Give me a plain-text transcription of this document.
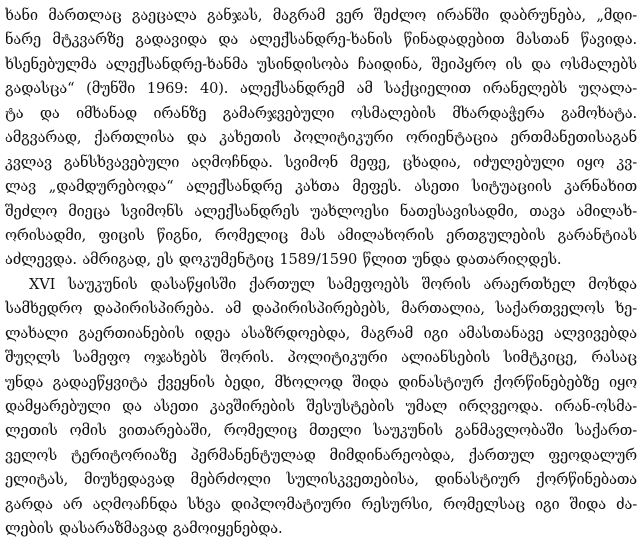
ხანი მართლაც გაეცალა განჯას, მაგრამ ვერ შეძლო ირანში დაბრუნება, „მდი-
ნარე მტკვარზე გადავიდა და ალექსანდრე-ხანის წინადადებით მასთან წავიდა.
ხსენებულმა ალექსანდრე-ხანმა უსინდისობა ჩაიდინა, შეიპყრო ის და ოსმალებს
გადასცა“ (მუნში 1969: 40). ალექსანდრემ ამ საქციელით ირანელებს უღალა-
ტა და იმხანად ირანზე გამარჯვებული ოსმალების მხარდაჭერა გამოხატა.
ამგვარად, ქართლისა და კახეთის პოლიტიკური ორიენტაცია ერთმანეთისაგან
კვლავ განსხვავებული აღმოჩნდა. სვიმონ მეფე, ცხადია, იძულებული იყო კვ-
ლავ „დამდურებოდა“ ალექსანდრე კახთა მეფეს. ასეთი სიტუაციის კარნახით
შეძლო მიეცა სვიმონს ალექსანდრეს უახლოესი ნათესავისადმი, თავა ამილახ-
ორისადმი, ფიცის წიგნი, რომელიც მას ამილახორის ერთგულების გარანტიას
აძლევდა. ამრიგად, ეს დოკუმენტიც 1589/1590 წლით უნდა დათარიღდეს.
XVI საუკუნის დასაწყისში ქართულ სამეფოებს შორის არაერთხელ მოხდა
სამხედრო დაპირისპირება. ამ დაპირისპირებებს, მართალია, საქართველოს ხე-
ლახალი გაერთიანების იდეა ასაზრდოებდა, მაგრამ იგი ამასთანავე ალვივებდა
შუღლს სამეფო ოჯახებს შორის. პოლიტიკური ალიანსების სიმტკიცე, რასაც
უნდა გადაეწყვიტა ქვეყნის ბედი, მხოლოდ შიდა დინასტიურ ქორწინებებზე იყო
დამყარებული და ასეთი კავშირების შესუსტების უმალ ირღვეოდა. ირან-ოსმა-
ლეთის ომის ვითარებაში, რომელიც მთელი საუკუნის განმავლობაში საქართ-
ველოს ტერიტორიაზე პერმანენტულად მიმდინარეობდა, ქართულ ფეოდალურ
ელიტას, მიუხედავად მებრძოლი სულისკვეთებისა, დინასტიურ ქორწინებათა
გარდა არ აღმოაჩნდა სხვა დიპლომატიური რესურსი, რომელსაც იგი შიდა ძა-
ლების დასარაზმავად გამოიყენებდა.
